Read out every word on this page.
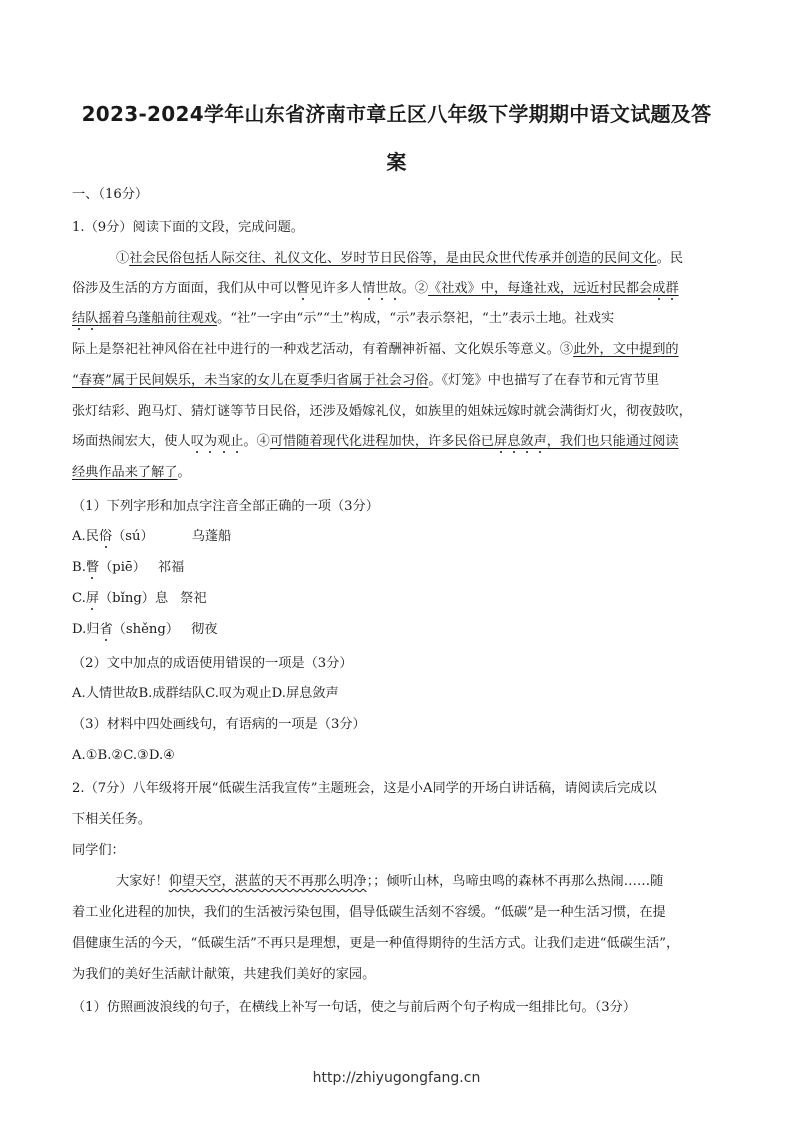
2023-2024学年山东省济南市章丘区八年级下学期期中语文试题及答
案
一、（16分）
1.（9分）阅读下面的文段，完成问题。
①社会民俗包括人际交往、礼仪文化、岁时节日民俗等，是由民众世代传承并创造的民间文化。民
俗涉及生活的方方面面，我们从中可以瞥见许多人情世故。②《社戏》中，每逢社戏，远近村民都会成群
结队摇着乌蓬船前往观戏。“社”一字由“示”“土”构成，“示”表示祭祀，“土”表示土地。社戏实
际上是祭祀社神风俗在社中进行的一种戏艺活动，有着酬神祈福、文化娱乐等意义。③此外，文中提到的
“春赛”属于民间娱乐，未当家的女儿在夏季归省属于社会习俗。《灯笼》中也描写了在春节和元宵节里
张灯结彩、跑马灯、猜灯谜等节日民俗，还涉及婚嫁礼仪，如族里的姐妹远嫁时就会满街灯火，彻夜鼓吹，
场面热闹宏大，使人叹为观止。④可惜随着现代化进程加快，许多民俗已屏息敛声，我们也只能通过阅读
经典作品来了解了。
（1）下列字形和加点字注音全部正确的一项（3分）
A.民俗（sú）	乌蓬船
B.瞥（piē） 祁福
C.屏（bǐng）息 祭祀
D.归省（shěng） 彻夜
（2）文中加点的成语使用错误的一项是（3分）
A.人情世故B.成群结队C.叹为观止D.屏息敛声
（3）材料中四处画线句，有语病的一项是（3分）
A.①B.②C.③D.④
2.（7分）八年级将开展“低碳生活我宣传”主题班会，这是小A同学的开场白讲话稿，请阅读后完成以
下相关任务。
同学们：
大家好！仰望天空，湛蓝的天不再那么明净；；倾听山林，鸟啼虫鸣的森林不再那么热闹……随
着工业化进程的加快，我们的生活被污染包围，倡导低碳生活刻不容缓。“低碳”是一种生活习惯，在提
倡健康生活的今天，“低碳生活”不再只是理想，更是一种值得期待的生活方式。让我们走进“低碳生活”，
为我们的美好生活献计献策，共建我们美好的家园。
（1）仿照画波浪线的句子，在横线上补写一句话，使之与前后两个句子构成一组排比句。（3分）
http://zhiyugongfang.cn
